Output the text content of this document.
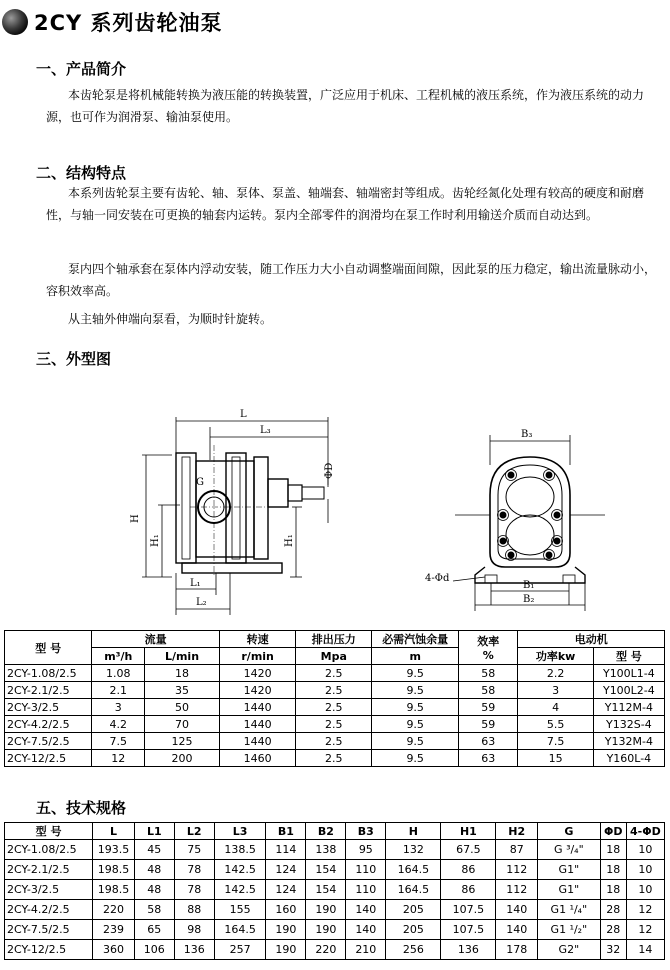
2CY 系列齿轮油泵
一、产品简介

本齿轮泵是将机械能转换为液压能的转换装置，广泛应用于机床、工程机械的液压系统，作为液压系统的动力源，也可作为润滑泵、输油泵使用。

二、结构特点

本系列齿轮泵主要有齿轮、轴、泵体、泵盖、轴端套、轴端密封等组成。齿轮经氮化处理有较高的硬度和耐磨性，与轴一同安装在可更换的轴套内运转。泵内全部零件的润滑均在泵工作时利用输送介质而自动达到。

泵内四个轴承套在泵体内浮动安装，随工作压力大小自动调整端面间隙，因此泵的压力稳定，输出流量脉动小，容积效率高。

从主轴外伸端向泵看，为顺时针旋转。

三、外型图
L
L₃
G
ΦD
H
H₁	H₁
L₁
L₂
B₃
B₁
B₂
4-Φd
型 号	流量		转速	排出压力	必需汽蚀余量	效率
%	电动机	
	m³/h	L/min	r/min	Mpa	m		功率kw	型 号
2CY-1.08/2.5	1.08	18	1420	2.5	9.5	58	2.2	Y100L1-4
2CY-2.1/2.5	2.1	35	1420	2.5	9.5	58	3	Y100L2-4
2CY-3/2.5	3	50	1440	2.5	9.5	59	4	Y112M-4
2CY-4.2/2.5	4.2	70	1440	2.5	9.5	59	5.5	Y132S-4
2CY-7.5/2.5	7.5	125	1440	2.5	9.5	63	7.5	Y132M-4
2CY-12/2.5	12	200	1460	2.5	9.5	63	15	Y160L-4
五、技术规格
型 号	L	L1	L2	L3	B1	B2	B3	H	H1	H2	G	ΦD	4-ΦD
2CY-1.08/2.5	193.5	45	75	138.5	114	138	95	132	67.5	87	G ³/₄"	18	10
2CY-2.1/2.5	198.5	48	78	142.5	124	154	110	164.5	86	112	G1"	18	10
2CY-3/2.5	198.5	48	78	142.5	124	154	110	164.5	86	112	G1"	18	10
2CY-4.2/2.5	220	58	88	155	160	190	140	205	107.5	140	G1 ¹/₄"	28	12
2CY-7.5/2.5	239	65	98	164.5	190	190	140	205	107.5	140	G1 ¹/₂"	28	12
2CY-12/2.5	360	106	136	257	190	220	210	256	136	178	G2"	32	14
